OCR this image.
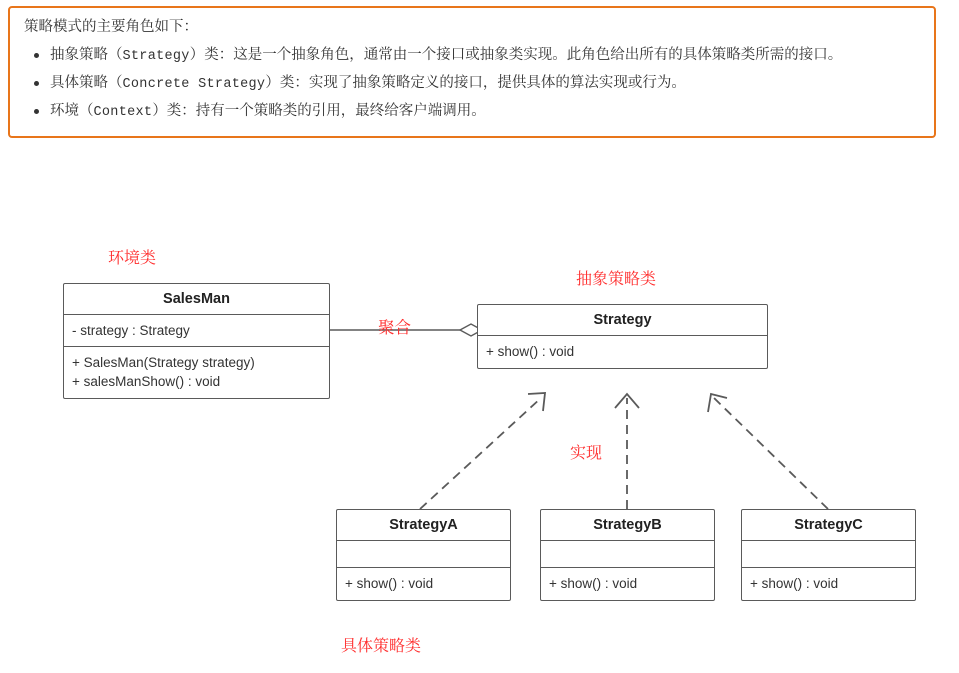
策略模式的主要角色如下：

抽象策略（Strategy）类：这是一个抽象角色，通常由一个接口或抽象类实现。此角色给出所有的具体策略类所需的接口。
具体策略（Concrete Strategy）类：实现了抽象策略定义的接口，提供具体的算法实现或行为。
环境（Context）类：持有一个策略类的引用，最终给客户端调用。
SalesMan
- strategy : Strategy
+ SalesMan(Strategy strategy)
+ salesManShow() : void
Strategy
+ show() : void
StrategyA
+ show() : void
StrategyB
+ show() : void
StrategyC
+ show() : void
环境类
抽象策略类
聚合
实现
具体策略类
